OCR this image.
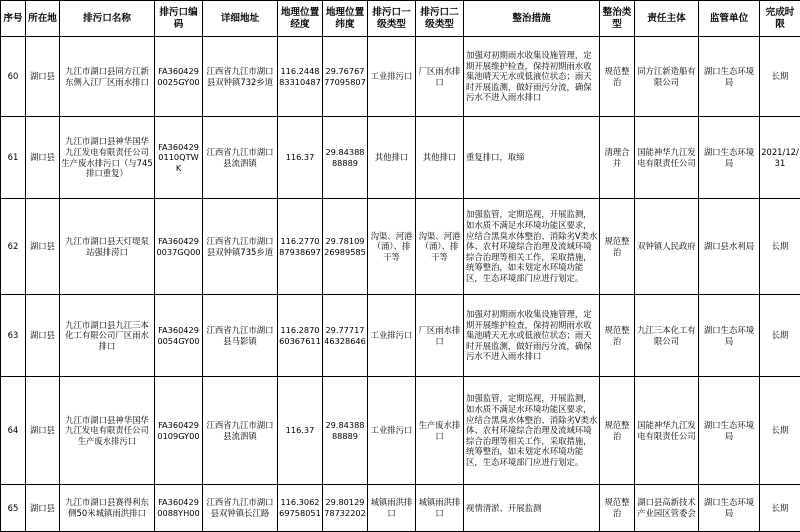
序号	所在地	排污口名称	排污口编码	详细地址	地理位置经度	地理位置纬度	排污口一级类型	排污口二级类型	整治措施	整治类型	责任主体	监管单位	完成时限
60	湖口县	九江市湖口县同方江新东侧入江厂区雨水排口	FA3604290025GY00	江西省九江市湖口县双钟镇732乡道	116.244883310487	29.7676777095807	工业排污口	厂区雨水排口	加强对初期雨水收集设施管理，定期开展维护检查，保持初期雨水收集池晴天无水或低液位状态；雨天时开展监测，做好雨污分流，确保污水不进入雨水排口	规范整治	同方江新造船有限公司	湖口生态环境局	长期
61	湖口县	九江市湖口县神华国华九江发电有限责任公司生产废水排污口（与745排口重复）	FA3604290110QTWK	江西省九江市湖口县流泗镇	116.37	29.8438888889	其他排口	其他排口	重复排口，取缔	清理合并	国能神华九江发电有限责任公司	湖口生态环境局	2021/12/31
62	湖口县	九江市湖口县天灯堤泵站强排涝口	FA3604290037GQ00	江西省九江市湖口县双钟镇735乡道	116.277087938697	29.7810926989585	沟渠、河港（涌）、排干等	沟渠、河港（涌）、排干等	加强监管，定期巡视，开展监测，如水质不满足水环境功能区要求，应结合黑臭水体整治、消除劣V类水体、农村环境综合治理及流域环境综合治理等相关工作，采取措施，统筹整治，如未划定水环境功能区，生态环境部门应进行划定。	规范整治	双钟镇人民政府	湖口县水利局	长期
63	湖口县	九江市湖口县九江三本化工有限公司厂区雨水排口	FA3604290054GY00	江西省九江市湖口县马影镇	116.287060367611	29.7771746328646	工业排污口	厂区雨水排口	加强对初期雨水收集设施管理，定期开展维护检查，保持初期雨水收集池晴天无水或低液位状态；雨天时开展监测，做好雨污分流，确保污水不进入雨水排口	规范整治	九江三本化工有限公司	湖口生态环境局	长期
64	湖口县	九江市湖口县神华国华九江发电有限责任公司生产废水排污口	FA3604290109GY00	江西省九江市湖口县流泗镇	116.37	29.8438888889	工业排污口	生产废水排口	加强监管，定期巡视，开展监测，如水质不满足水环境功能区要求，应结合黑臭水体整治、消除劣V类水体、农村环境综合治理及流域环境综合治理等相关工作，采取措施，统筹整治，如未划定水环境功能区，生态环境部门应进行划定。	规范整治	国能神华九江发电有限责任公司	湖口生态环境局	长期
65	湖口县	九江市湖口县赛得利东侧50米城镇雨洪排口	FA3604290088YH00	江西省九江市湖口县双钟镇长江路	116.306269758051	29.8012978732202	城镇雨洪排口	城镇雨洪排口	视情清淤、开展监测	规范整治	湖口县高新技术产业园区管委会	湖口生态环境局	长期
